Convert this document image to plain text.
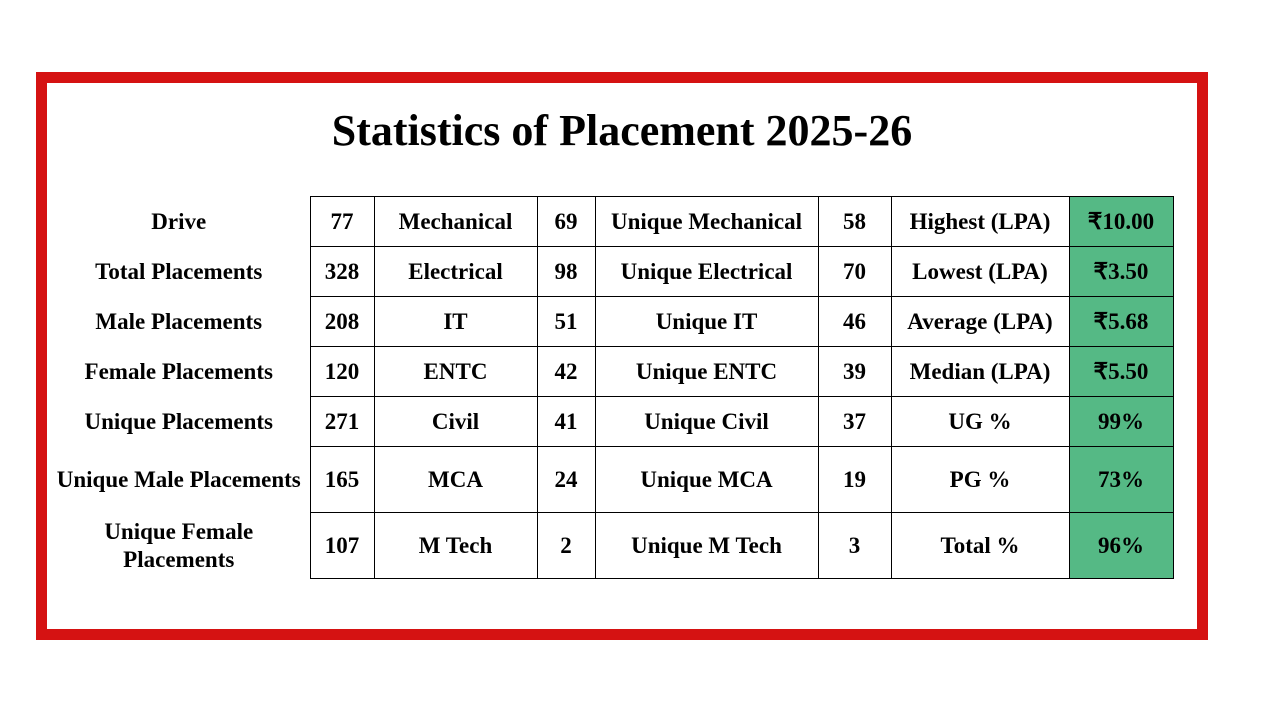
Statistics of Placement 2025-26
Drive	77	Mechanical	69	Unique Mechanical	58	Highest (LPA)	₹10.00
Total Placements	328	Electrical	98	Unique Electrical	70	Lowest (LPA)	₹3.50
Male Placements	208	IT	51	Unique IT	46	Average (LPA)	₹5.68
Female Placements	120	ENTC	42	Unique ENTC	39	Median (LPA)	₹5.50
Unique Placements	271	Civil	41	Unique Civil	37	UG %	99%
Unique Male Placements	165	MCA	24	Unique MCA	19	PG %	73%
Unique Female Placements	107	M Tech	2	Unique M Tech	3	Total %	96%
